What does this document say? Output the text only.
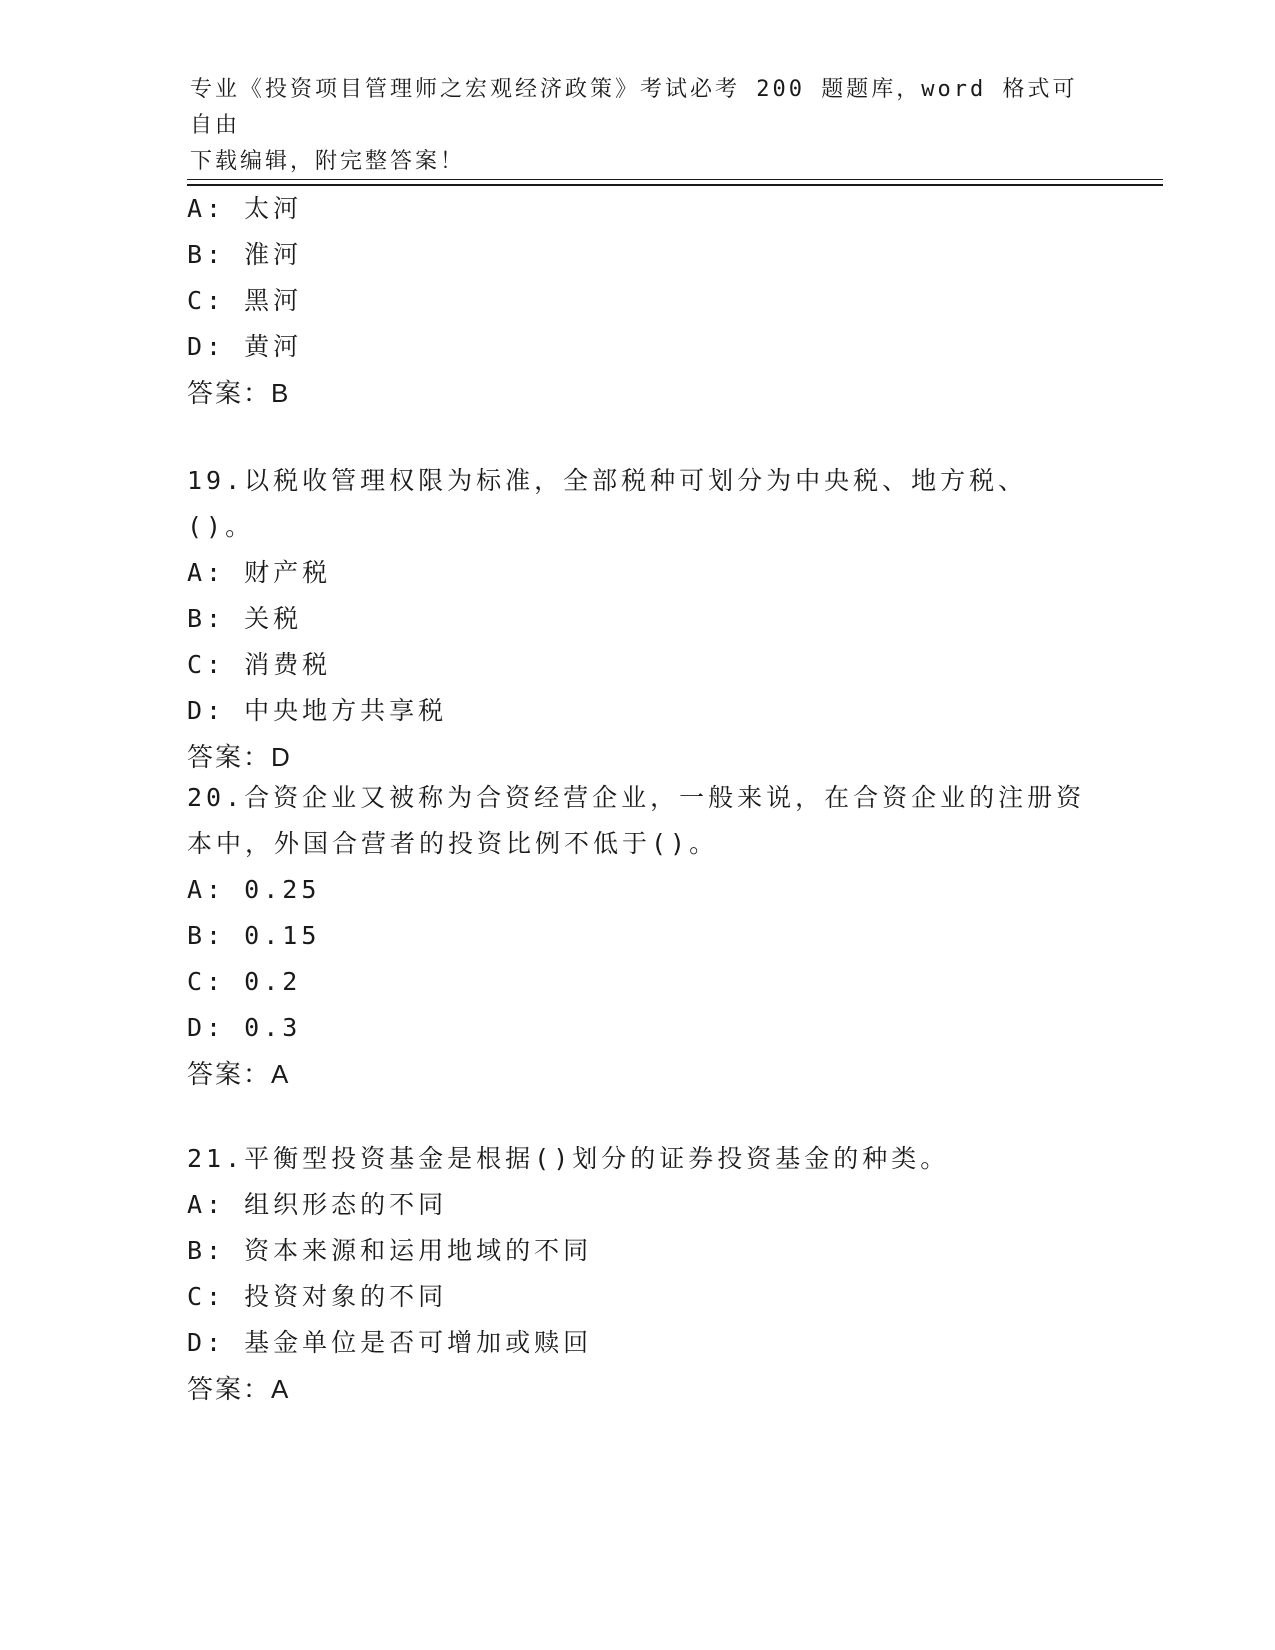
专业《投资项目管理师之宏观经济政策》考试必考 200 题题库，word 格式可自由
下载编辑，附完整答案！
A: 太河
B: 淮河
C: 黑河
D: 黄河
答案：B
19.以税收管理权限为标准，全部税种可划分为中央税、地方税、()。
A: 财产税
B: 关税
C: 消费税
D: 中央地方共享税
答案：D
20.合资企业又被称为合资经营企业，一般来说，在合资企业的注册资
本中，外国合营者的投资比例不低于()。
A: 0.25
B: 0.15
C: 0.2
D: 0.3
答案：A
21.平衡型投资基金是根据()划分的证券投资基金的种类。
A: 组织形态的不同
B: 资本来源和运用地域的不同
C: 投资对象的不同
D: 基金单位是否可增加或赎回
答案：A
